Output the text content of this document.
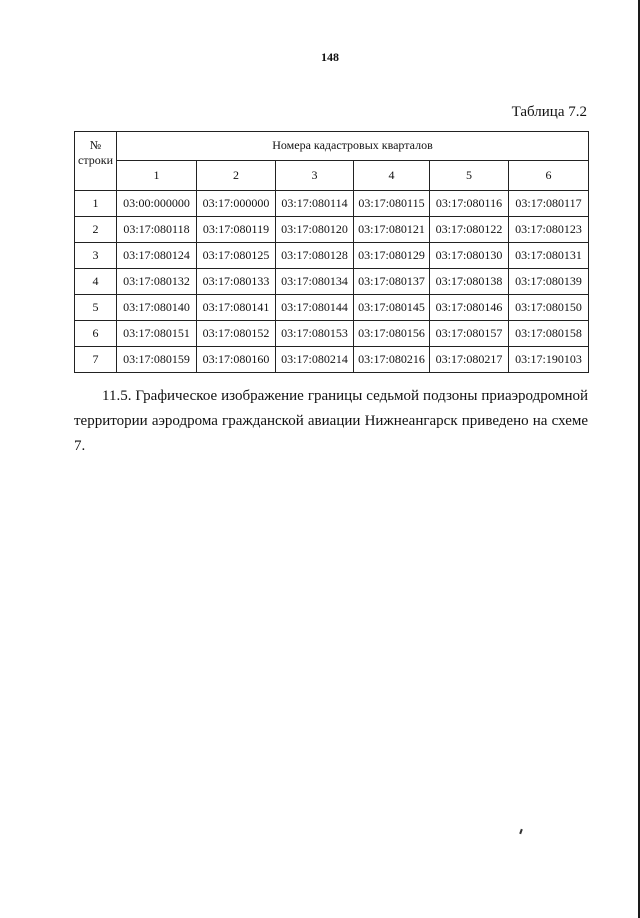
148
Таблица 7.2
№
строки	Номера кадастровых кварталов					
	1	2	3	4	5	6
1	03:00:000000	03:17:000000	03:17:080114	03:17:080115	03:17:080116	03:17:080117
2	03:17:080118	03:17:080119	03:17:080120	03:17:080121	03:17:080122	03:17:080123
3	03:17:080124	03:17:080125	03:17:080128	03:17:080129	03:17:080130	03:17:080131
4	03:17:080132	03:17:080133	03:17:080134	03:17:080137	03:17:080138	03:17:080139
5	03:17:080140	03:17:080141	03:17:080144	03:17:080145	03:17:080146	03:17:080150
6	03:17:080151	03:17:080152	03:17:080153	03:17:080156	03:17:080157	03:17:080158
7	03:17:080159	03:17:080160	03:17:080214	03:17:080216	03:17:080217	03:17:190103
11.5. Графическое изображение границы седьмой подзоны приаэродромной территории аэродрома гражданской авиации Нижнеангарск приведено на схеме 7.
